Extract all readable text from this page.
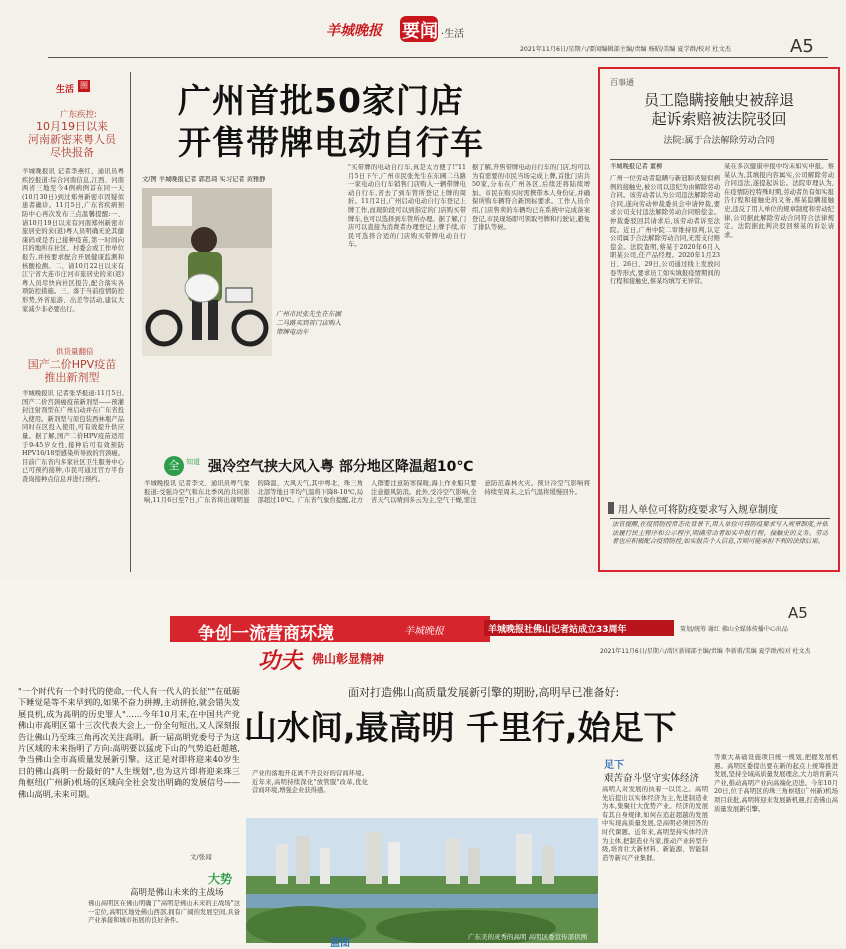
羊城晚报 要闻 ·生活
2021年11月6日/星期六/要闻编辑部主编/责编 杨昭/美编 夏学群/校对 杜文杰	A5
生活 圈
广东疾控:
10月19日以来
河南新密来粤人员
尽快报备
羊城晚报讯 记者李燕红、通讯员粤疾控报道:综合河南信息,江西、河南两省三地至今4例病例首在同一天(10月30日)到过郑州新密市因疑似患者确诊。11月5日,广东省疾病预防中心再次发布三点温馨提醒:一、请10月19日以来有河南郑州新密市旅居史的来(返)粤人员明确无论其健康码或是否已接种疫苗,第一时间向目的地所在社区、村委会或工作单位报告,并按要求配合开展健康监测和核酸检测。二、请10月22日以来有江宁省大连市庄河市旅居史的来(返)粤人员尽快向社区报告,配合落实各项防控措施。三、落于当前疫情防控形势,外省旅游、出差等活动,建议大家减少非必要出行。
供货量翻倍
国产二价HPV疫苗
推出新剂型
羊城晚报讯 记者张华报道:11月5日,国产二价宫颈癌疫苗新剂型——预灌封注射剂型在广州启动并在广东省投入使用。新剂型与原包装西林瓶产品同时在区投入使用,可有效提升供应量。据了解,国产二价HPV疫苗适用于9-45岁女性,接种后可有效预防HPV16/18型感染所导致的宫颈癌。目前广东省内多家社区卫生服务中心已可预约接种,市民可通过官方平台查询接种点信息并进行预约。
广州首批50家门店
开售带牌电动自行车
文/图 羊城晚报记者 郭思琦 实习记者 黄雅静
广州市民张先生在东圃二马路买到首门店购入带牌电动车
"买带牌的电动自行车,真是太方便了!"11月5日下午,广州市民张先生在东圃二马路一家电动自行车销售门店购入一辆带牌电动自行车,省去了到车管所登记上牌的周折。11月2日,广州启动电动自行车登记上牌工作,而现阶段可以到指定的门店购买带牌车,也可以选择到车管所办理。据了解,门店可以直接为消费者办理登记上牌手续,市民可选择合适的门店购买带牌电动自行车。
据了解,开售带牌电动自行车的门店,均可以为有需要的市民当场完成上牌,首批门店共50家,分布在广州各区,后续还将陆续增加。市民在购买时需携带本人身份证,并确保所购车辆符合新国标要求。工作人员介绍,门店售卖的车辆均已在系统中完成备案登记,市民现场即可领取号牌和行驶证,避免了排队等候。
全 知道 强冷空气挟大风入粤 部分地区降温超10℃
羊城晚报讯 记者李文、通讯员粤气象报道:受强冷空气和东北季风的共同影响,11月6日至7日,广东省将出现明显的降温、大风天气,其中粤北、珠三角北部等地日平均气温将下降8-10℃,局部超过10℃。广东省气象台提醒,北方人群要注意防寒保暖,海上作业船只要注意避风防浪。此外,受冷空气影响,全省天气以晴到多云为主,空气干燥,需注意防范森林火灾。预计冷空气影响将持续至周末,之后气温将缓慢回升。
百事通
员工隐瞒接触史被辞退
起诉索赔被法院驳回
法院:属于合法解除劳动合同
羊城晚报记者 董柳
广州一位劳动者隐瞒与新冠肺炎疑似病例的接触史,被公司以违纪为由解除劳动合同。该劳动者认为公司违法解除劳动合同,遂向劳动仲裁委员会申请仲裁,要求公司支付违法解除劳动合同赔偿金。仲裁委驳回其请求后,该劳动者诉至法院。近日,广州中院二审维持原判,认定公司属于合法解除劳动合同,无需支付赔偿金。法院查明,蔡某于2020年6月入职某公司,任产品经理。2020年1月23日、26日、29日,公司通过线上发放问卷等形式,要求员工如实填报疫情期间的行程和接触史,蔡某均填写无异常。
某在多次健康申报中均未如实申报。蔡某认为,其填报内容属实,公司解除劳动合同违法,遂提起诉讼。法院审理认为,在疫情防控特殊时期,劳动者负有如实报告行程和接触史的义务,蔡某隐瞒接触史,违反了用人单位的规章制度和劳动纪律,公司据此解除劳动合同符合法律规定。法院据此判决驳回蔡某的诉讼请求。
用人单位可将防疫要求写入规章制度
法官提醒,在疫情防控常态化背景下,用人单位可将防疫要求写入规章制度,并依法履行民主程序和公示程序,明确劳动者如实申报行程、接触史的义务。劳动者也应积极配合疫情防控,如实报告个人信息,否则可能承担不利的法律后果。
争创一流营商环境	羊城晚报	羊城晚报社佛山记者站成立33周年	策划/统筹 谢红 佛山全媒体传播中心出品
A5
2021年11月6日/星期六/湾区新闻部主编/责编 李新甫/美编 夏学群/校对 杜文杰
功夫 佛山彰显精神
"一个时代有一个时代的使命,一代人有一代人的长征""在砥砺下睡觉是等不来早到的,如果不奋力拼搏,主动拼抢,就会错失发展良机,成为高明的历史罪人"……今年10月末,在中国共产党佛山市高明区第十三次代表大会上,一份全句短出,又人深刻报告让佛山乃至珠三角再次关注高明。新一届高明党委号子为这片区域的未来指明了方向:高明要以猛虎下山的气势追赶超越,争当佛山全市高质量发展新引擎。这正是对即将迎来40岁生日的佛山高明一份最好的"人生规划",也为这片即将迎来珠三角枢纽(广州新)机场的区域向全社会发出明确的发展信号——佛山高明,未来可期。
文/张闻
面对打造佛山高质量发展新引擎的期盼,高明早已准备好:
山水间,最高明 千里行,始足下
足下
艰苦奋斗坚守实体经济
高明人对发展的执着一以贯之。高明先后提出以实体经济为主,先进制造业为本,集聚壮大优势产业。经济的发展有其自身规律,如何在追赶超越的发展中实现高质量发展,是高明必须回答的时代课题。近年来,高明坚持实体经济为主体,把制造业当家,推动产业转型升级,培育壮大新材料、新能源、智能制造等新兴产业集群。
等重大基础设施项目统一规划,把握发展机遇。高明区委提出要在新的起点上统筹推进发展,坚持全域高质量发展理念,大力培育新兴产业,推动高明产业向高端化迈进。今年10月20日,位于高明区的珠三角枢纽(广州新)机场项目获批,高明将迎来发展新机遇,打造佛山高质量发展新引擎。
大势
高明是佛山未来的主战场
佛山高明区在佛山明确了"高明是佛山未来的主战场"这一定位,高明区地处佛山西部,拥有广阔的发展空间,具备产业承接和城市拓展的良好条件。
产业的落地开花离不开良好的营商环境。近年来,高明持续深化"放管服"改革,优化营商环境,增强企业获得感。
广东美的灵秀的高明 高明区委宣传部供图
蓝图
